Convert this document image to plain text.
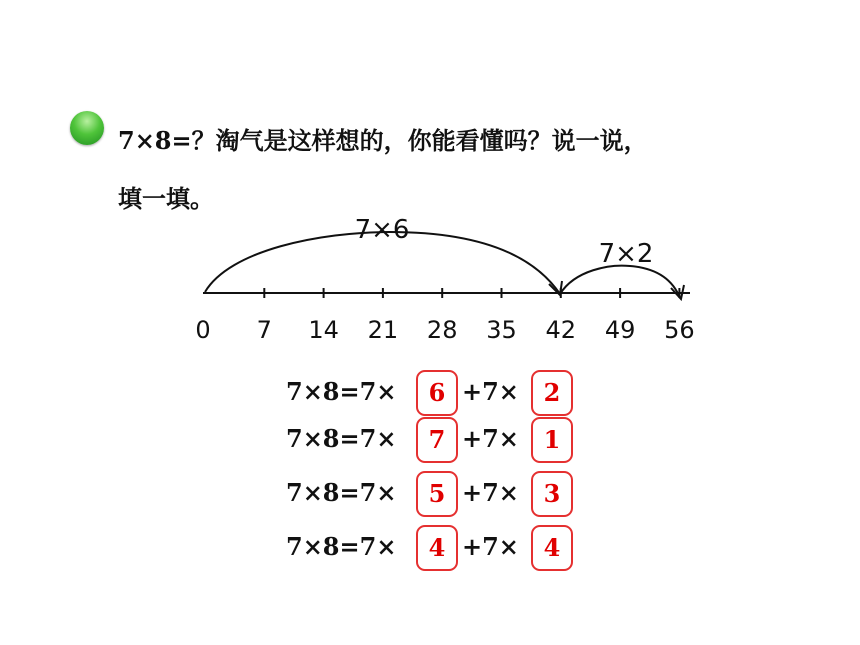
7×8=？淘气是这样想的，你能看懂吗？说一说，
填一填。
0 7 14 21 28 35 42 49 56
7×6
7×2
7×8=7×	6 +7×	2
7×8=7×	7 +7×	1
7×8=7×	5 +7×	3
7×8=7×	4 +7×	4
